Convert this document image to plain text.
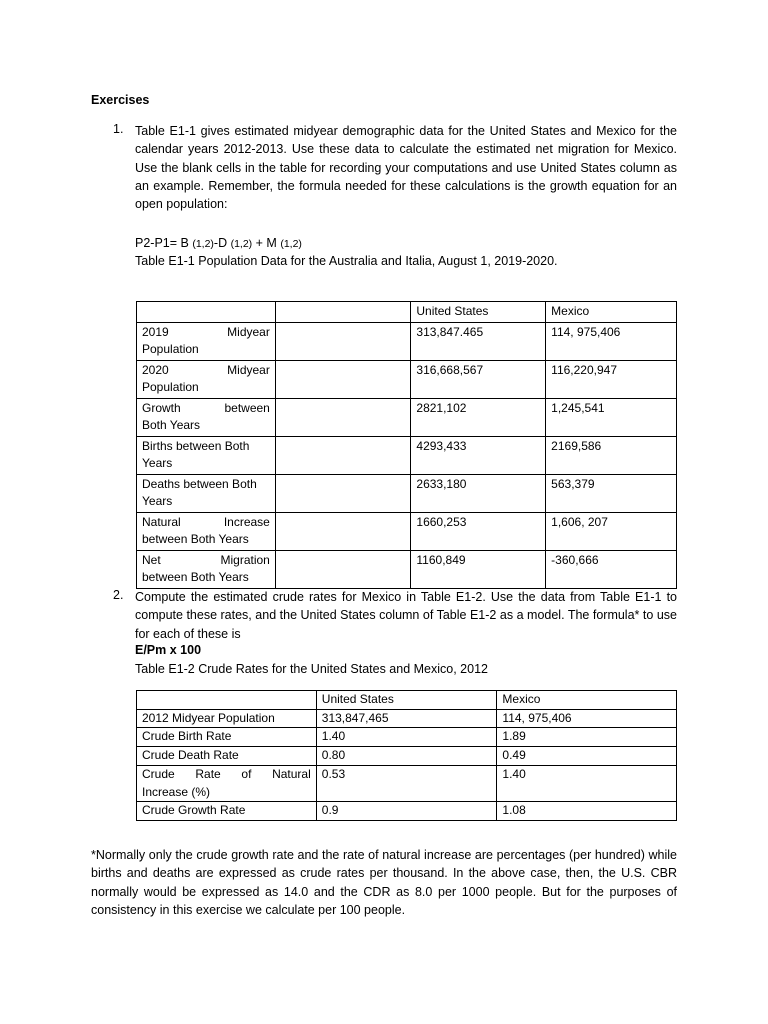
Exercises
1. Table E1-1 gives estimated midyear demographic data for the United States and Mexico for the calendar years 2012-2013. Use these data to calculate the estimated net migration for Mexico. Use the blank cells in the table for recording your computations and use United States column as an example. Remember, the formula needed for these calculations is the growth equation for an open population:
P2-P1= B (1,2)-D (1,2) + M (1,2)
Table E1-1 Population Data for the Australia and Italia, August 1, 2019-2020.
		United States	Mexico

2019 Midyear
Population		313,847.465	114, 975,406

2020 Midyear
Population		316,668,567	116,220,947

Growth between
Both Years		2821,102	1,245,541

Births between Both
Years		4293,433	2169,586

Deaths between Both
Years		2633,180	563,379

Natural Increase
between Both Years		1660,253	1,606, 207

Net Migration
between Both Years		1160,849	-360,666
2. Compute the estimated crude rates for Mexico in Table E1-2. Use the data from Table E1-1 to compute these rates, and the United States column of Table E1-2 as a model. The formula* to use for each of these is
E/Pm x 100
Table E1-2 Crude Rates for the United States and Mexico, 2012
	United States	Mexico
2012 Midyear Population	313,847,465	114, 975,406
Crude Birth Rate	1.40	1.89
Crude Death Rate	0.80	0.49

Crude Rate of Natural
Increase (%)	0.53	1.40
Crude Growth Rate	0.9	1.08
*Normally only the crude growth rate and the rate of natural increase are percentages (per hundred) while births and deaths are expressed as crude rates per thousand. In the above case, then, the U.S. CBR normally would be expressed as 14.0 and the CDR as 8.0 per 1000 people. But for the purposes of consistency in this exercise we calculate per 100 people.
